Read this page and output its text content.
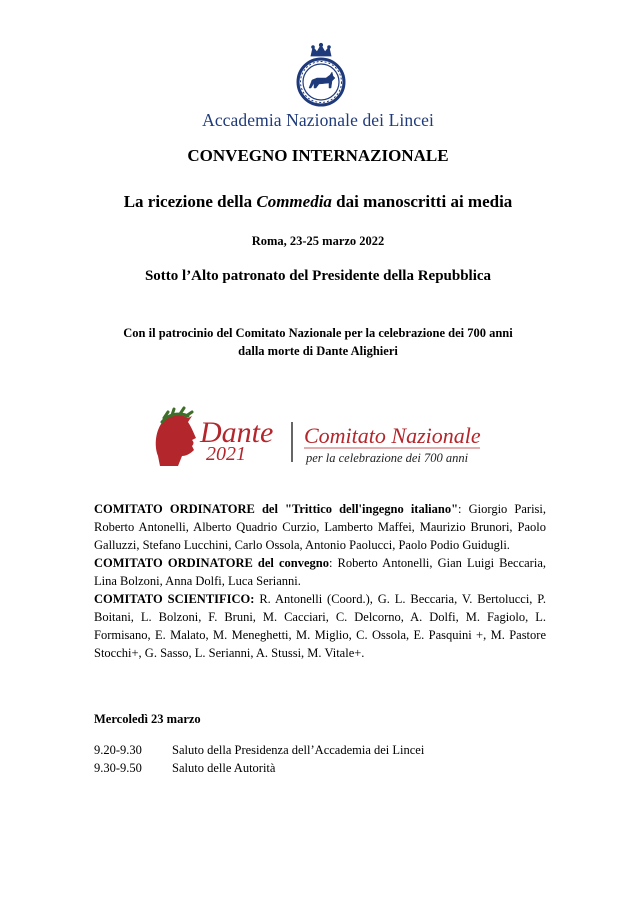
Accademia Nazionale dei Lincei
CONVEGNO INTERNAZIONALE
La ricezione della Commedia dai manoscritti ai media
Roma, 23-25 marzo 2022
Sotto l’Alto patronato del Presidente della Repubblica
Con il patrocinio del Comitato Nazionale per la celebrazione dei 700 anni
dalla morte di Dante Alighieri
Dante
2021
Comitato Nazionale
per la celebrazione dei 700 anni

COMITATO ORDINATORE del "Trittico dell'ingegno italiano": Giorgio Parisi, Roberto Antonelli, Alberto Quadrio Curzio, Lamberto Maffei, Maurizio Brunori, Paolo Galluzzi, Stefano Lucchini, Carlo Ossola, Antonio Paolucci, Paolo Podio Guidugli.

COMITATO ORDINATORE del convegno: Roberto Antonelli, Gian Luigi Beccaria, Lina Bolzoni, Anna Dolfi, Luca Serianni.

COMITATO SCIENTIFICO: R. Antonelli (Coord.), G. L. Beccaria, V. Bertolucci, P. Boitani, L. Bolzoni, F. Bruni, M. Cacciari, C. Delcorno, A. Dolfi, M. Fagiolo, L. Formisano, E. Malato, M. Meneghetti, M. Miglio, C. Ossola, E. Pasquini +, M. Pastore Stocchi+, G. Sasso, L. Serianni, A. Stussi, M. Vitale+.

Mercoledì 23 marzo
9.20-9.30	Saluto della Presidenza dell’Accademia dei Lincei
9.30-9.50	Saluto delle Autorità
